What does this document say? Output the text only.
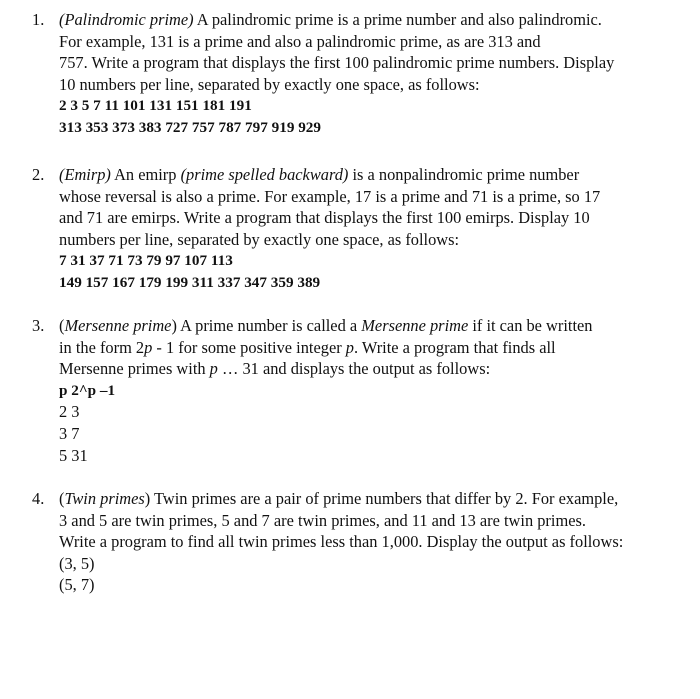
1. (Palindromic prime) A palindromic prime is a prime number and also palindromic.
For example, 131 is a prime and also a palindromic prime, as are 313 and
757. Write a program that displays the first 100 palindromic prime numbers. Display
10 numbers per line, separated by exactly one space, as follows:
2 3 5 7 11 101 131 151 181 191
313 353 373 383 727 757 787 797 919 929
2. (Emirp) An emirp (prime spelled backward) is a nonpalindromic prime number
whose reversal is also a prime. For example, 17 is a prime and 71 is a prime, so 17
and 71 are emirps. Write a program that displays the first 100 emirps. Display 10
numbers per line, separated by exactly one space, as follows:
7 31 37 71 73 79 97 107 113
149 157 167 179 199 311 337 347 359 389
3. (Mersenne prime) A prime number is called a Mersenne prime if it can be written
in the form 2p - 1 for some positive integer p. Write a program that finds all
Mersenne primes with p … 31 and displays the output as follows:
p 2^p –1
2 3
3 7
5 31
4. (Twin primes) Twin primes are a pair of prime numbers that differ by 2. For example,
3 and 5 are twin primes, 5 and 7 are twin primes, and 11 and 13 are twin primes.
Write a program to find all twin primes less than 1,000. Display the output as follows:
(3, 5)
(5, 7)
